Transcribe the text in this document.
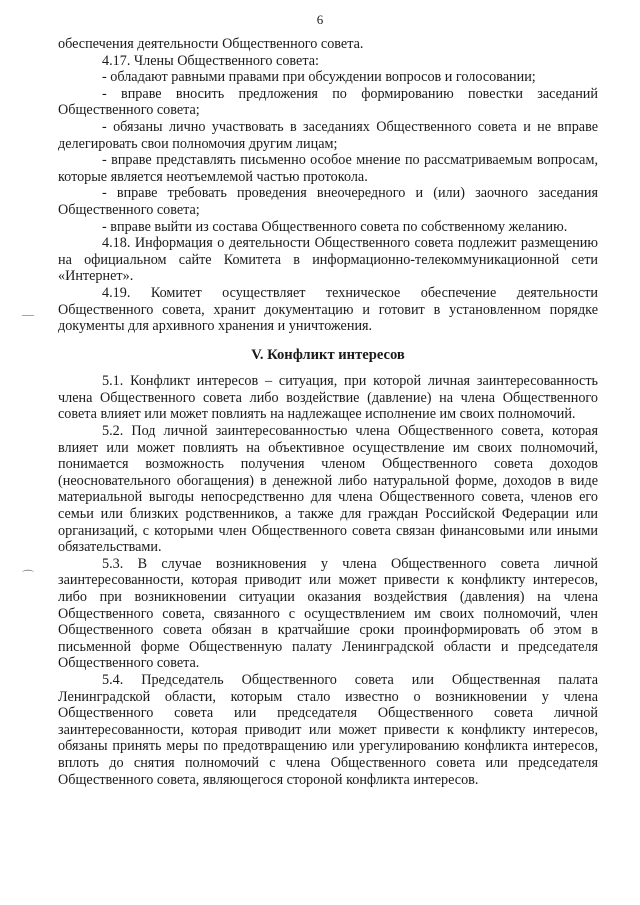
6
—
⌒

обеспечения деятельности Общественного совета.

4.17. Члены Общественного совета:

- обладают равными правами при обсуждении вопросов и голосовании;

- вправе вносить предложения по формированию повестки заседаний Общественного совета;

- обязаны лично участвовать в заседаниях Общественного совета и не вправе делегировать свои полномочия другим лицам;

- вправе представлять письменно особое мнение по рассматриваемым вопросам, которые является неотъемлемой частью протокола.

- вправе требовать проведения внеочередного и (или) заочного заседания Общественного совета;

- вправе выйти из состава Общественного совета по собственному желанию.

4.18. Информация о деятельности Общественного совета подлежит размещению на официальном сайте Комитета в информационно-телекоммуникационной сети «Интернет».

4.19. Комитет осуществляет техническое обеспечение деятельности Общественного совета, хранит документацию и готовит в установленном порядке документы для архивного хранения и уничтожения.

V. Конфликт интересов

5.1. Конфликт интересов – ситуация, при которой личная заинтересованность члена Общественного совета либо воздействие (давление) на члена Общественного совета влияет или может повлиять на надлежащее исполнение им своих полномочий.

5.2. Под личной заинтересованностью члена Общественного совета, которая влияет или может повлиять на объективное осуществление им своих полномочий, понимается возможность получения членом Общественного совета доходов (неосновательного обогащения) в денежной либо натуральной форме, доходов в виде материальной выгоды непосредственно для члена Общественного совета, членов его семьи или близких родственников, а также для граждан Российской Федерации или организаций, с которыми член Общественного совета связан финансовыми или иными обязательствами.

5.3. В случае возникновения у члена Общественного совета личной заинтересованности, которая приводит или может привести к конфликту интересов, либо при возникновении ситуации оказания воздействия (давления) на члена Общественного совета, связанного с осуществлением им своих полномочий, член Общественного совета обязан в кратчайшие сроки проинформировать об этом в письменной форме Общественную палату Ленинградской области и председателя Общественного совета.

5.4. Председатель Общественного совета или Общественная палата Ленинградской области, которым стало известно о возникновении у члена Общественного совета или председателя Общественного совета личной заинтересованности, которая приводит или может привести к конфликту интересов, обязаны принять меры по предотвращению или урегулированию конфликта интересов, вплоть до снятия полномочий с члена Общественного совета или председателя Общественного совета, являющегося стороной конфликта интересов.
